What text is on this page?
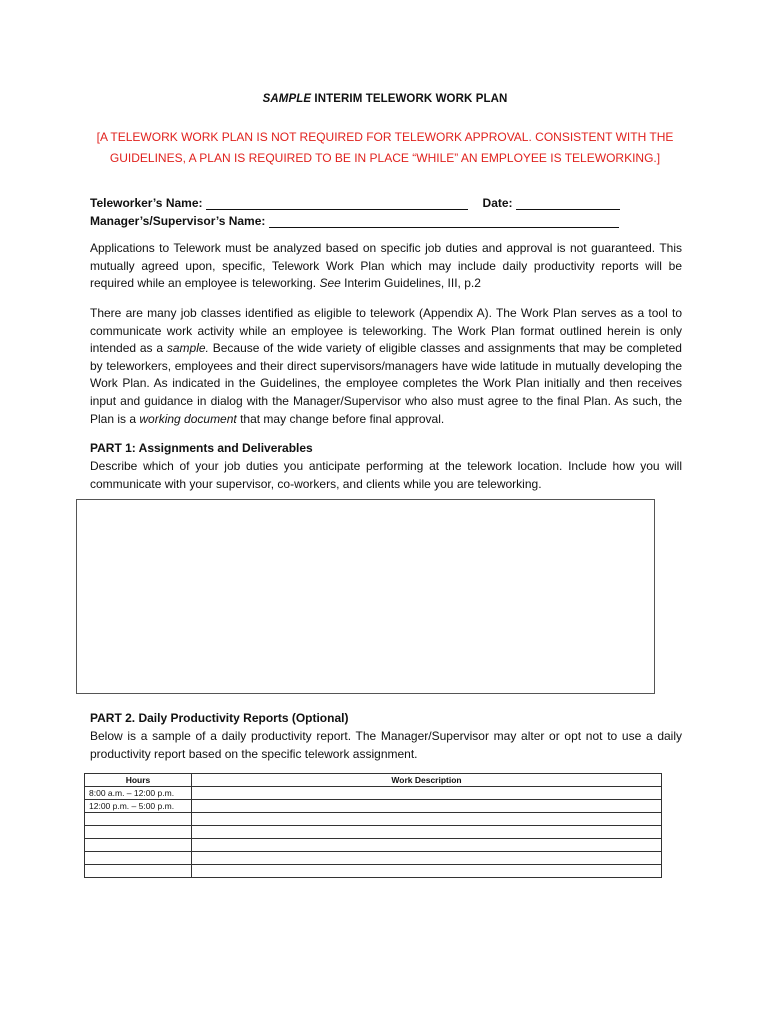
SAMPLE INTERIM TELEWORK WORK PLAN
[A TELEWORK WORK PLAN IS NOT REQUIRED FOR TELEWORK APPROVAL. CONSISTENT WITH THE
GUIDELINES, A PLAN IS REQUIRED TO BE IN PLACE “WHILE” AN EMPLOYEE IS TELEWORKING.]
Teleworker’s Name:	Date:
Manager’s/Supervisor’s Name:
Applications to Telework must be analyzed based on specific job duties and approval is not guaranteed. This mutually agreed upon, specific, Telework Work Plan which may include daily productivity reports will be required while an employee is teleworking. See Interim Guidelines, III, p.2
There are many job classes identified as eligible to telework (Appendix A). The Work Plan serves as a tool to communicate work activity while an employee is teleworking. The Work Plan format outlined herein is only intended as a sample. Because of the wide variety of eligible classes and assignments that may be completed by teleworkers, employees and their direct supervisors/managers have wide latitude in mutually developing the Work Plan. As indicated in the Guidelines, the employee completes the Work Plan initially and then receives input and guidance in dialog with the Manager/Supervisor who also must agree to the final Plan. As such, the Plan is a working document that may change before final approval.
PART 1: Assignments and Deliverables
Describe which of your job duties you anticipate performing at the telework location. Include how you will communicate with your supervisor, co-workers, and clients while you are teleworking.
PART 2. Daily Productivity Reports (Optional)
Below is a sample of a daily productivity report. The Manager/Supervisor may alter or opt not to use a daily productivity report based on the specific telework assignment.
Hours	Work Description
8:00 a.m. – 12:00 p.m.	
12:00 p.m. – 5:00 p.m.	
